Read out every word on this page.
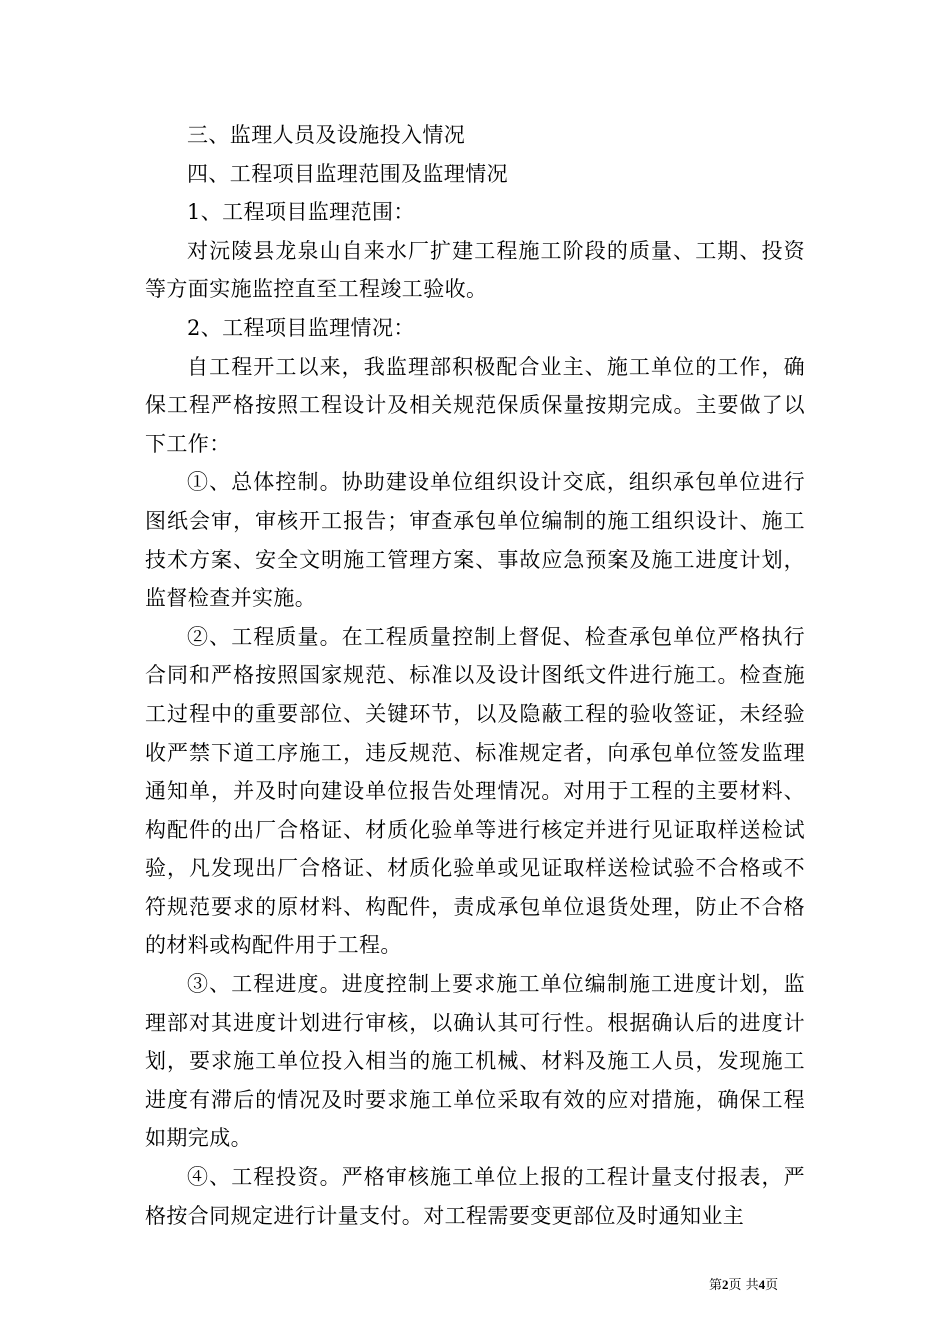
三、监理人员及设施投入情况

四、工程项目监理范围及监理情况

1、工程项目监理范围：

对沅陵县龙泉山自来水厂扩建工程施工阶段的质量、工期、投资等方面实施监控直至工程竣工验收。

2、工程项目监理情况：

自工程开工以来，我监理部积极配合业主、施工单位的工作，确保工程严格按照工程设计及相关规范保质保量按期完成。主要做了以下工作：

①、总体控制。协助建设单位组织设计交底，组织承包单位进行图纸会审，审核开工报告；审查承包单位编制的施工组织设计、施工技术方案、安全文明施工管理方案、事故应急预案及施工进度计划，监督检查并实施。

②、工程质量。在工程质量控制上督促、检查承包单位严格执行合同和严格按照国家规范、标准以及设计图纸文件进行施工。检查施工过程中的重要部位、关键环节，以及隐蔽工程的验收签证，未经验收严禁下道工序施工，违反规范、标准规定者，向承包单位签发监理通知单，并及时向建设单位报告处理情况。对用于工程的主要材料、构配件的出厂合格证、材质化验单等进行核定并进行见证取样送检试验，凡发现出厂合格证、材质化验单或见证取样送检试验不合格或不符规范要求的原材料、构配件，责成承包单位退货处理，防止不合格的材料或构配件用于工程。

③、工程进度。进度控制上要求施工单位编制施工进度计划，监理部对其进度计划进行审核，以确认其可行性。根据确认后的进度计划，要求施工单位投入相当的施工机械、材料及施工人员，发现施工进度有滞后的情况及时要求施工单位采取有效的应对措施，确保工程如期完成。

④、工程投资。严格审核施工单位上报的工程计量支付报表，严格按合同规定进行计量支付。对工程需要变更部位及时通知业主

第2页 共4页
